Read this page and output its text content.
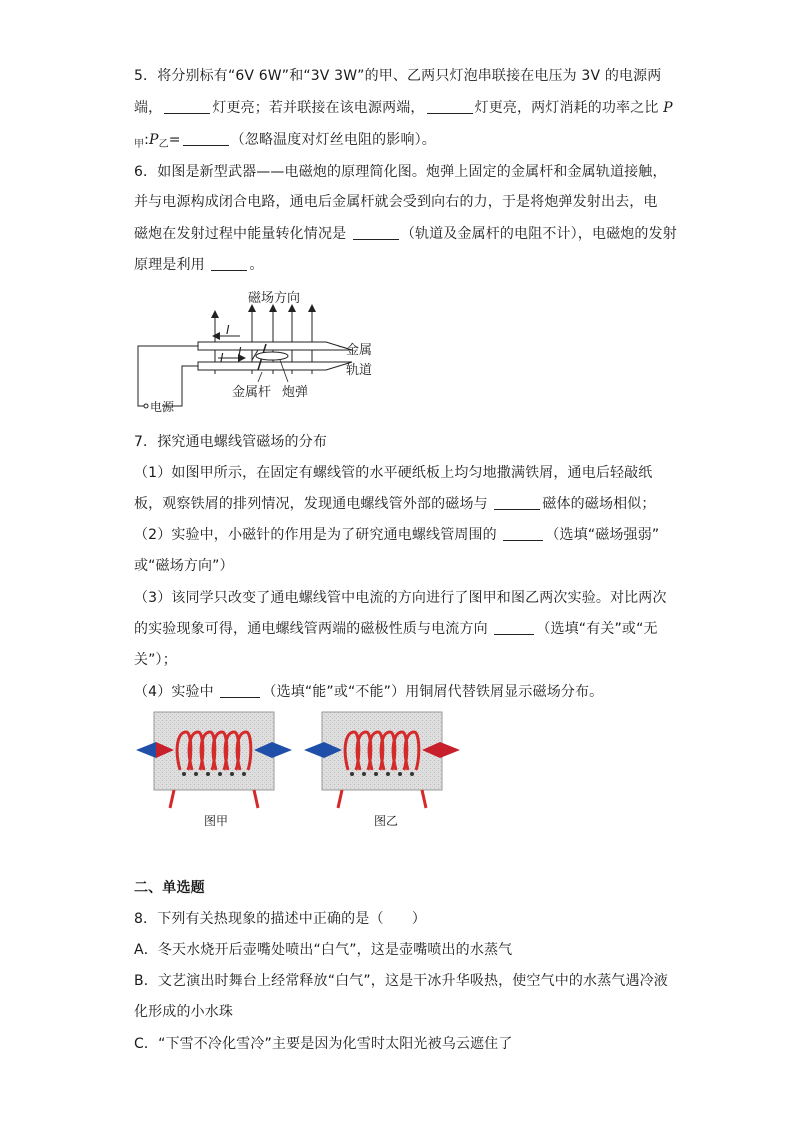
5．将分别标有“6V 6W”和“3V 3W”的甲、乙两只灯泡串联接在电压为 3V 的电源两
端，	灯更亮；若并联接在该电源两端，	灯更亮，两灯消耗的功率之比 P
$_甲:P_乙=$	（忽略温度对灯丝电阻的影响）。
6．如图是新型武器——电磁炮的原理简化图。炮弹上固定的金属杆和金属轨道接触，
并与电源构成闭合电路，通电后金属杆就会受到向右的力，于是将炮弹发射出去，电
磁炮在发射过程中能量转化情况是	（轨道及金属杆的电阻不计），电磁炮的发射
原理是利用	。
磁场方向
I
I I	金属
轨道
金属杆 炮弹
电源
7．探究通电螺线管磁场的分布
（1）如图甲所示，在固定有螺线管的水平硬纸板上均匀地撒满铁屑，通电后轻敲纸
板，观察铁屑的排列情况，发现通电螺线管外部的磁场与	磁体的磁场相似；
（2）实验中，小磁针的作用是为了研究通电螺线管周围的	（选填“磁场强弱”
或“磁场方向”）
（3）该同学只改变了通电螺线管中电流的方向进行了图甲和图乙两次实验。对比两次
的实验现象可得，通电螺线管两端的磁极性质与电流方向	（选填“有关”或“无
关”）；
（4）实验中	（选填“能”或“不能”）用铜屑代替铁屑显示磁场分布。
图甲	图乙
二、单选题
8．下列有关热现象的描述中正确的是（　　）
A．冬天水烧开后壶嘴处喷出“白气”，这是壶嘴喷出的水蒸气
B．文艺演出时舞台上经常释放“白气”，这是干冰升华吸热，使空气中的水蒸气遇冷液
化形成的小水珠
C．“下雪不冷化雪冷”主要是因为化雪时太阳光被乌云遮住了
